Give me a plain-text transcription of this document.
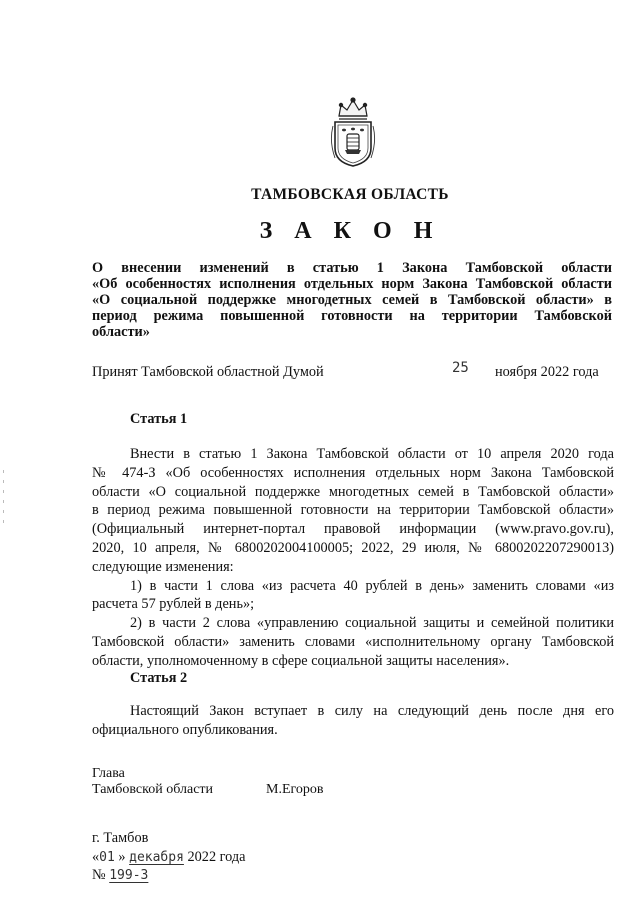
ТАМБОВСКАЯ ОБЛАСТЬ
З А К О Н
О внесении изменений в статью 1 Закона Тамбовской области
«Об особенностях исполнения отдельных норм Закона Тамбовской области
«О социальной поддержке многодетных семей в Тамбовской области» в
период режима повышенной готовности на территории Тамбовской
области»
Принят Тамбовской областной Думой	25 ноября 2022 года
Статья 1
Внести в статью 1 Закона Тамбовской области от 10 апреля 2020 года
№ 474-З «Об особенностях исполнения отдельных норм Закона Тамбовской
области «О социальной поддержке многодетных семей в Тамбовской области»
в период режима повышенной готовности на территории Тамбовской области»
(Официальный интернет-портал правовой информации (www.pravo.gov.ru),
2020, 10 апреля, № 6800202004100005; 2022, 29 июля, № 6800202207290013)
следующие изменения:
1) в части 1 слова «из расчета 40 рублей в день» заменить словами «из
расчета 57 рублей в день»;
2) в части 2 слова «управлению социальной защиты и семейной политики
Тамбовской области» заменить словами «исполнительному органу Тамбовской
области, уполномоченному в сфере социальной защиты населения».
Статья 2
Настоящий Закон вступает в силу на следующий день после дня его
официального опубликования.
Глава
Тамбовской области	М.Егоров
г. Тамбов
«01 » декабря 2022 года
№ 199-З
